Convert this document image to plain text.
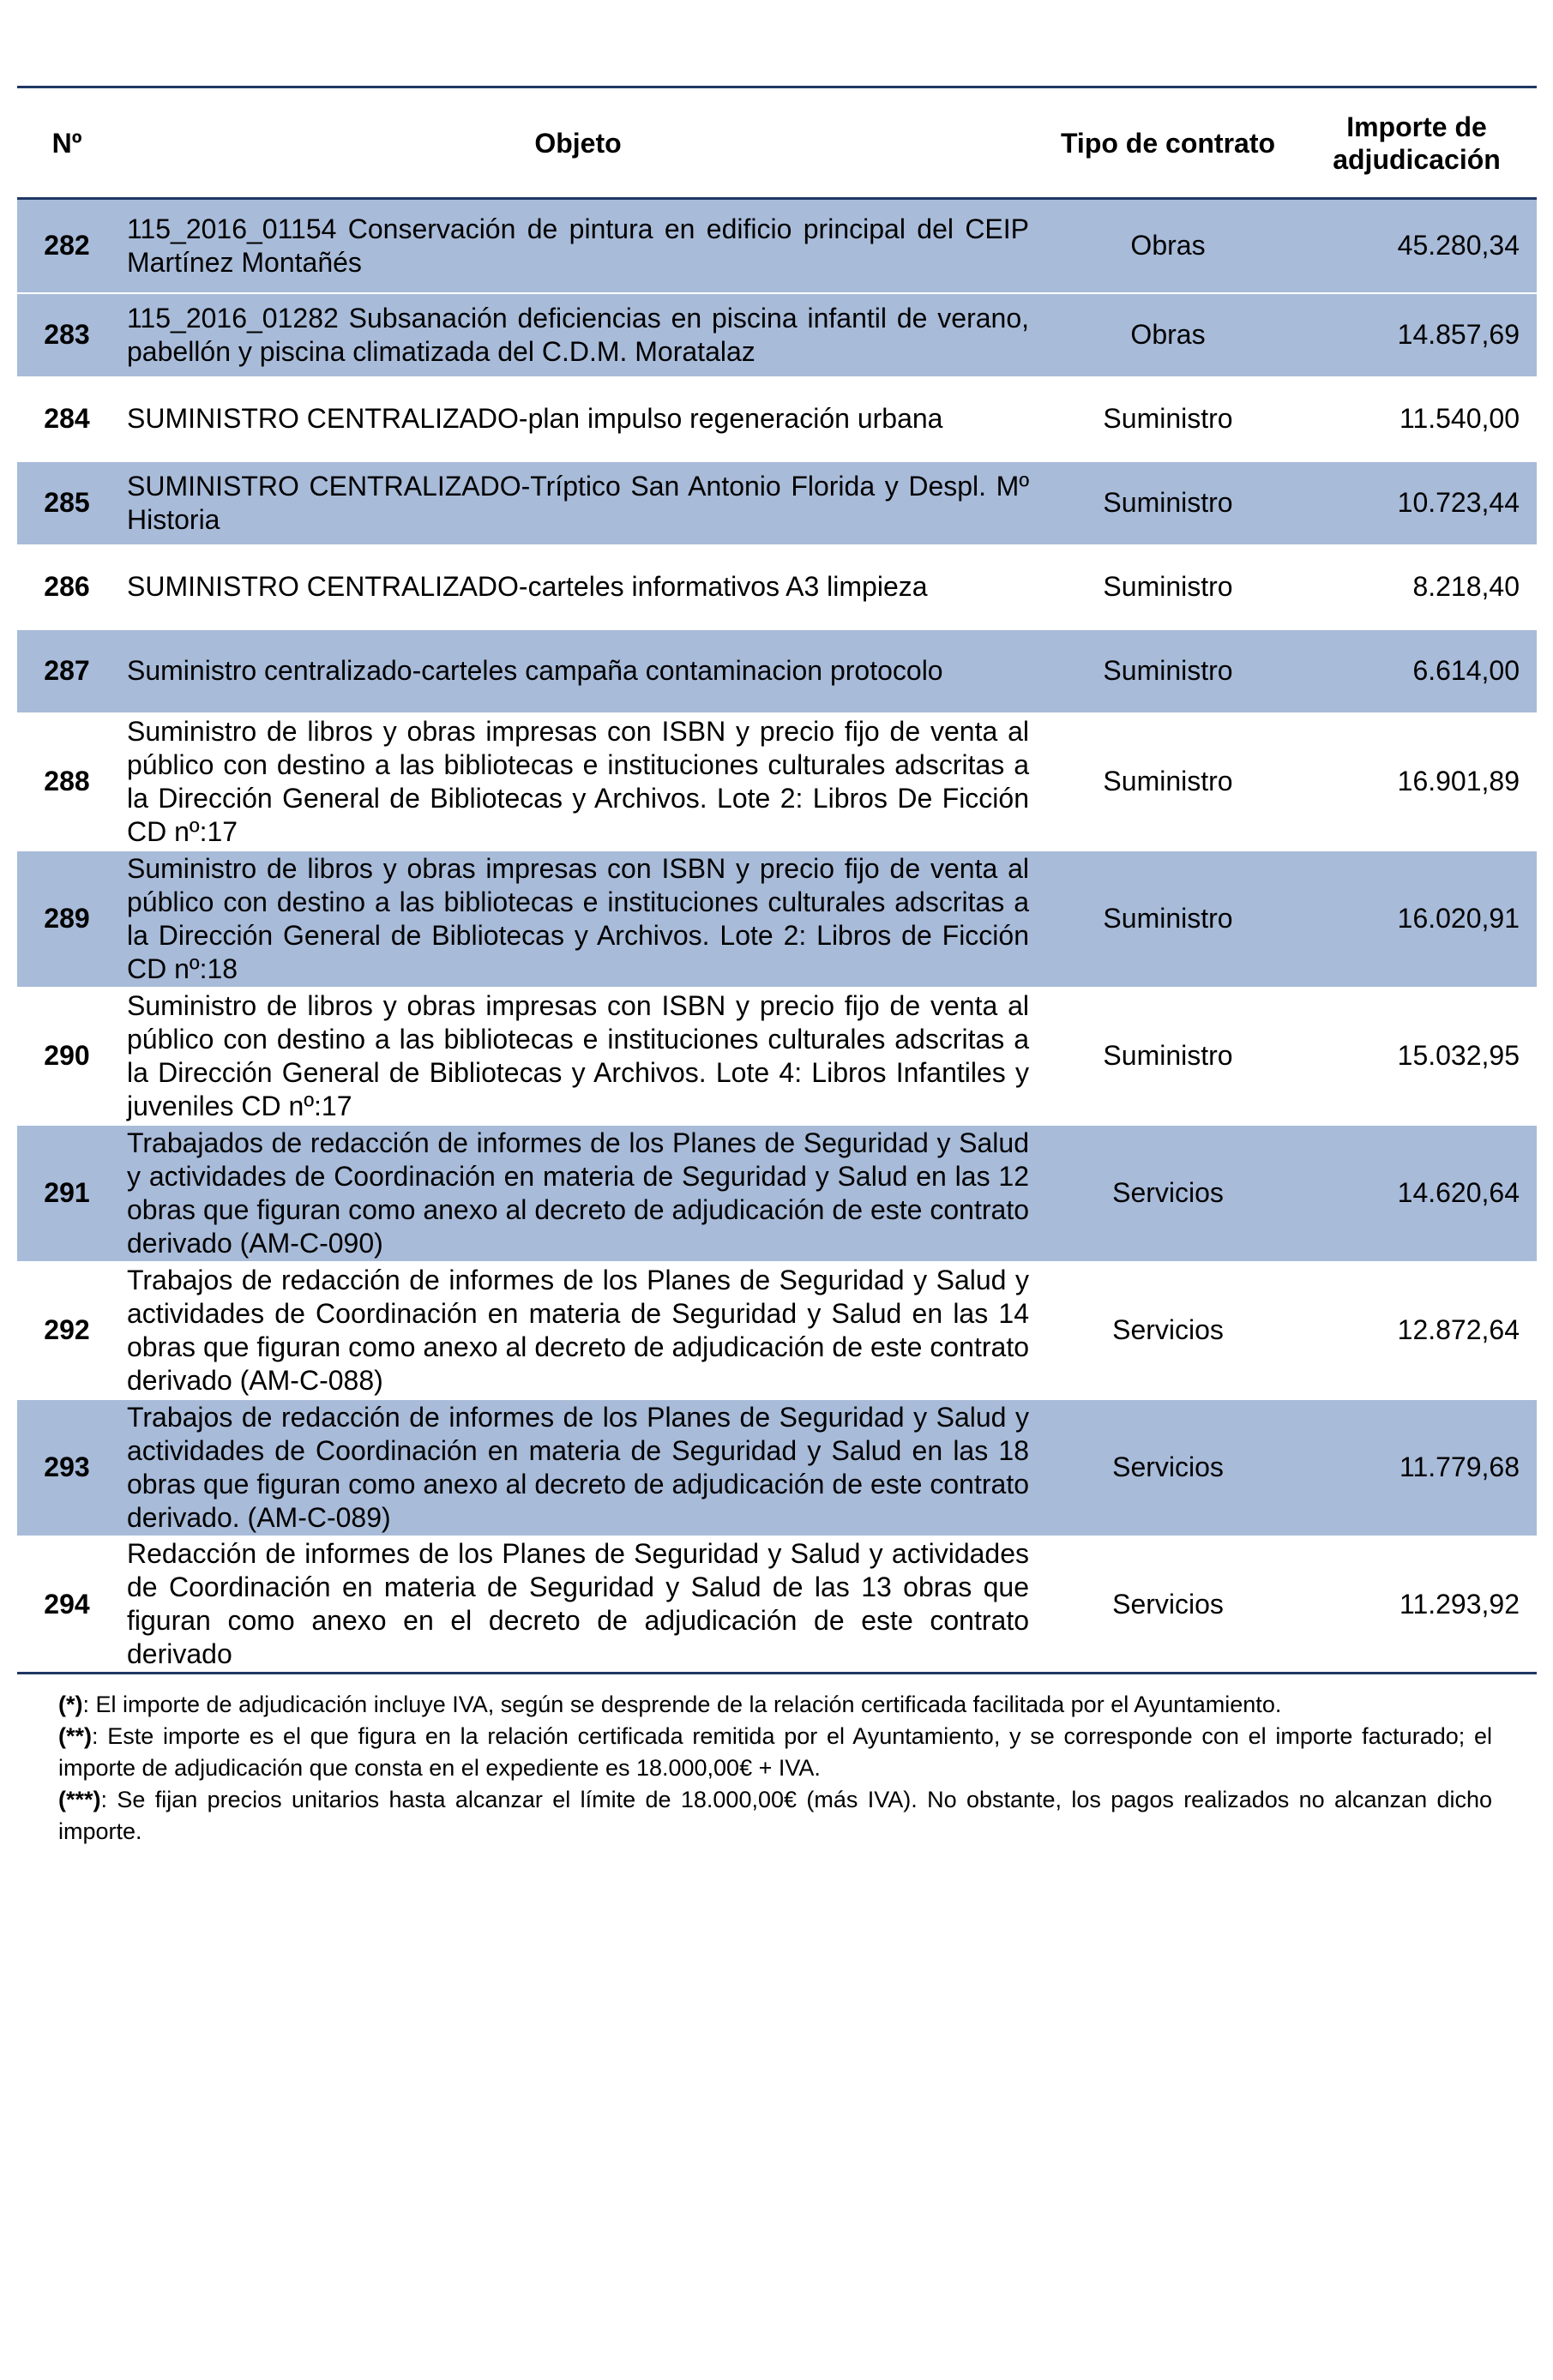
Nº	Objeto	Tipo de contrato	Importe de adjudicación
282	115_2016_01154 Conservación de pintura en edificio principal del CEIP Martínez Montañés	Obras	45.280,34
283	115_2016_01282 Subsanación deficiencias en piscina infantil de verano, pabellón y piscina climatizada del C.D.M. Moratalaz	Obras	14.857,69
284	SUMINISTRO CENTRALIZADO-plan impulso regeneración urbana	Suministro	11.540,00
285	SUMINISTRO CENTRALIZADO-Tríptico San Antonio Florida y Despl. Mº Historia	Suministro	10.723,44
286	SUMINISTRO CENTRALIZADO-carteles informativos A3 limpieza	Suministro	8.218,40
287	Suministro centralizado-carteles campaña contaminacion protocolo	Suministro	6.614,00
288	Suministro de libros y obras impresas con ISBN y precio fijo de venta al público con destino a las bibliotecas e instituciones culturales adscritas a la Dirección General de Bibliotecas y Archivos. Lote 2: Libros De Ficción CD nº:17	Suministro	16.901,89
289	Suministro de libros y obras impresas con ISBN y precio fijo de venta al público con destino a las bibliotecas e instituciones culturales adscritas a la Dirección General de Bibliotecas y Archivos. Lote 2: Libros de Ficción CD nº:18	Suministro	16.020,91
290	Suministro de libros y obras impresas con ISBN y precio fijo de venta al público con destino a las bibliotecas e instituciones culturales adscritas a la Dirección General de Bibliotecas y Archivos. Lote 4: Libros Infantiles y juveniles CD nº:17	Suministro	15.032,95
291	Trabajados de redacción de informes de los Planes de Seguridad y Salud y actividades de Coordinación en materia de Seguridad y Salud en las 12 obras que figuran como anexo al decreto de adjudicación de este contrato derivado (AM-C-090)	Servicios	14.620,64
292	Trabajos de redacción de informes de los Planes de Seguridad y Salud y actividades de Coordinación en materia de Seguridad y Salud en las 14 obras que figuran como anexo al decreto de adjudicación de este contrato derivado (AM-C-088)	Servicios	12.872,64
293	Trabajos de redacción de informes de los Planes de Seguridad y Salud y actividades de Coordinación en materia de Seguridad y Salud en las 18 obras que figuran como anexo al decreto de adjudicación de este contrato derivado. (AM-C-089)	Servicios	11.779,68
294	Redacción de informes de los Planes de Seguridad y Salud y actividades de Coordinación en materia de Seguridad y Salud de las 13 obras que figuran como anexo en el decreto de adjudicación de este contrato derivado	Servicios	11.293,92

(*): El importe de adjudicación incluye IVA, según se desprende de la relación certificada facilitada por el Ayuntamiento.

(**): Este importe es el que figura en la relación certificada remitida por el Ayuntamiento, y se corresponde con el importe facturado; el importe de adjudicación que consta en el expediente es 18.000,00€ + IVA.

(***): Se fijan precios unitarios hasta alcanzar el límite de 18.000,00€ (más IVA). No obstante, los pagos realizados no alcanzan dicho importe.
